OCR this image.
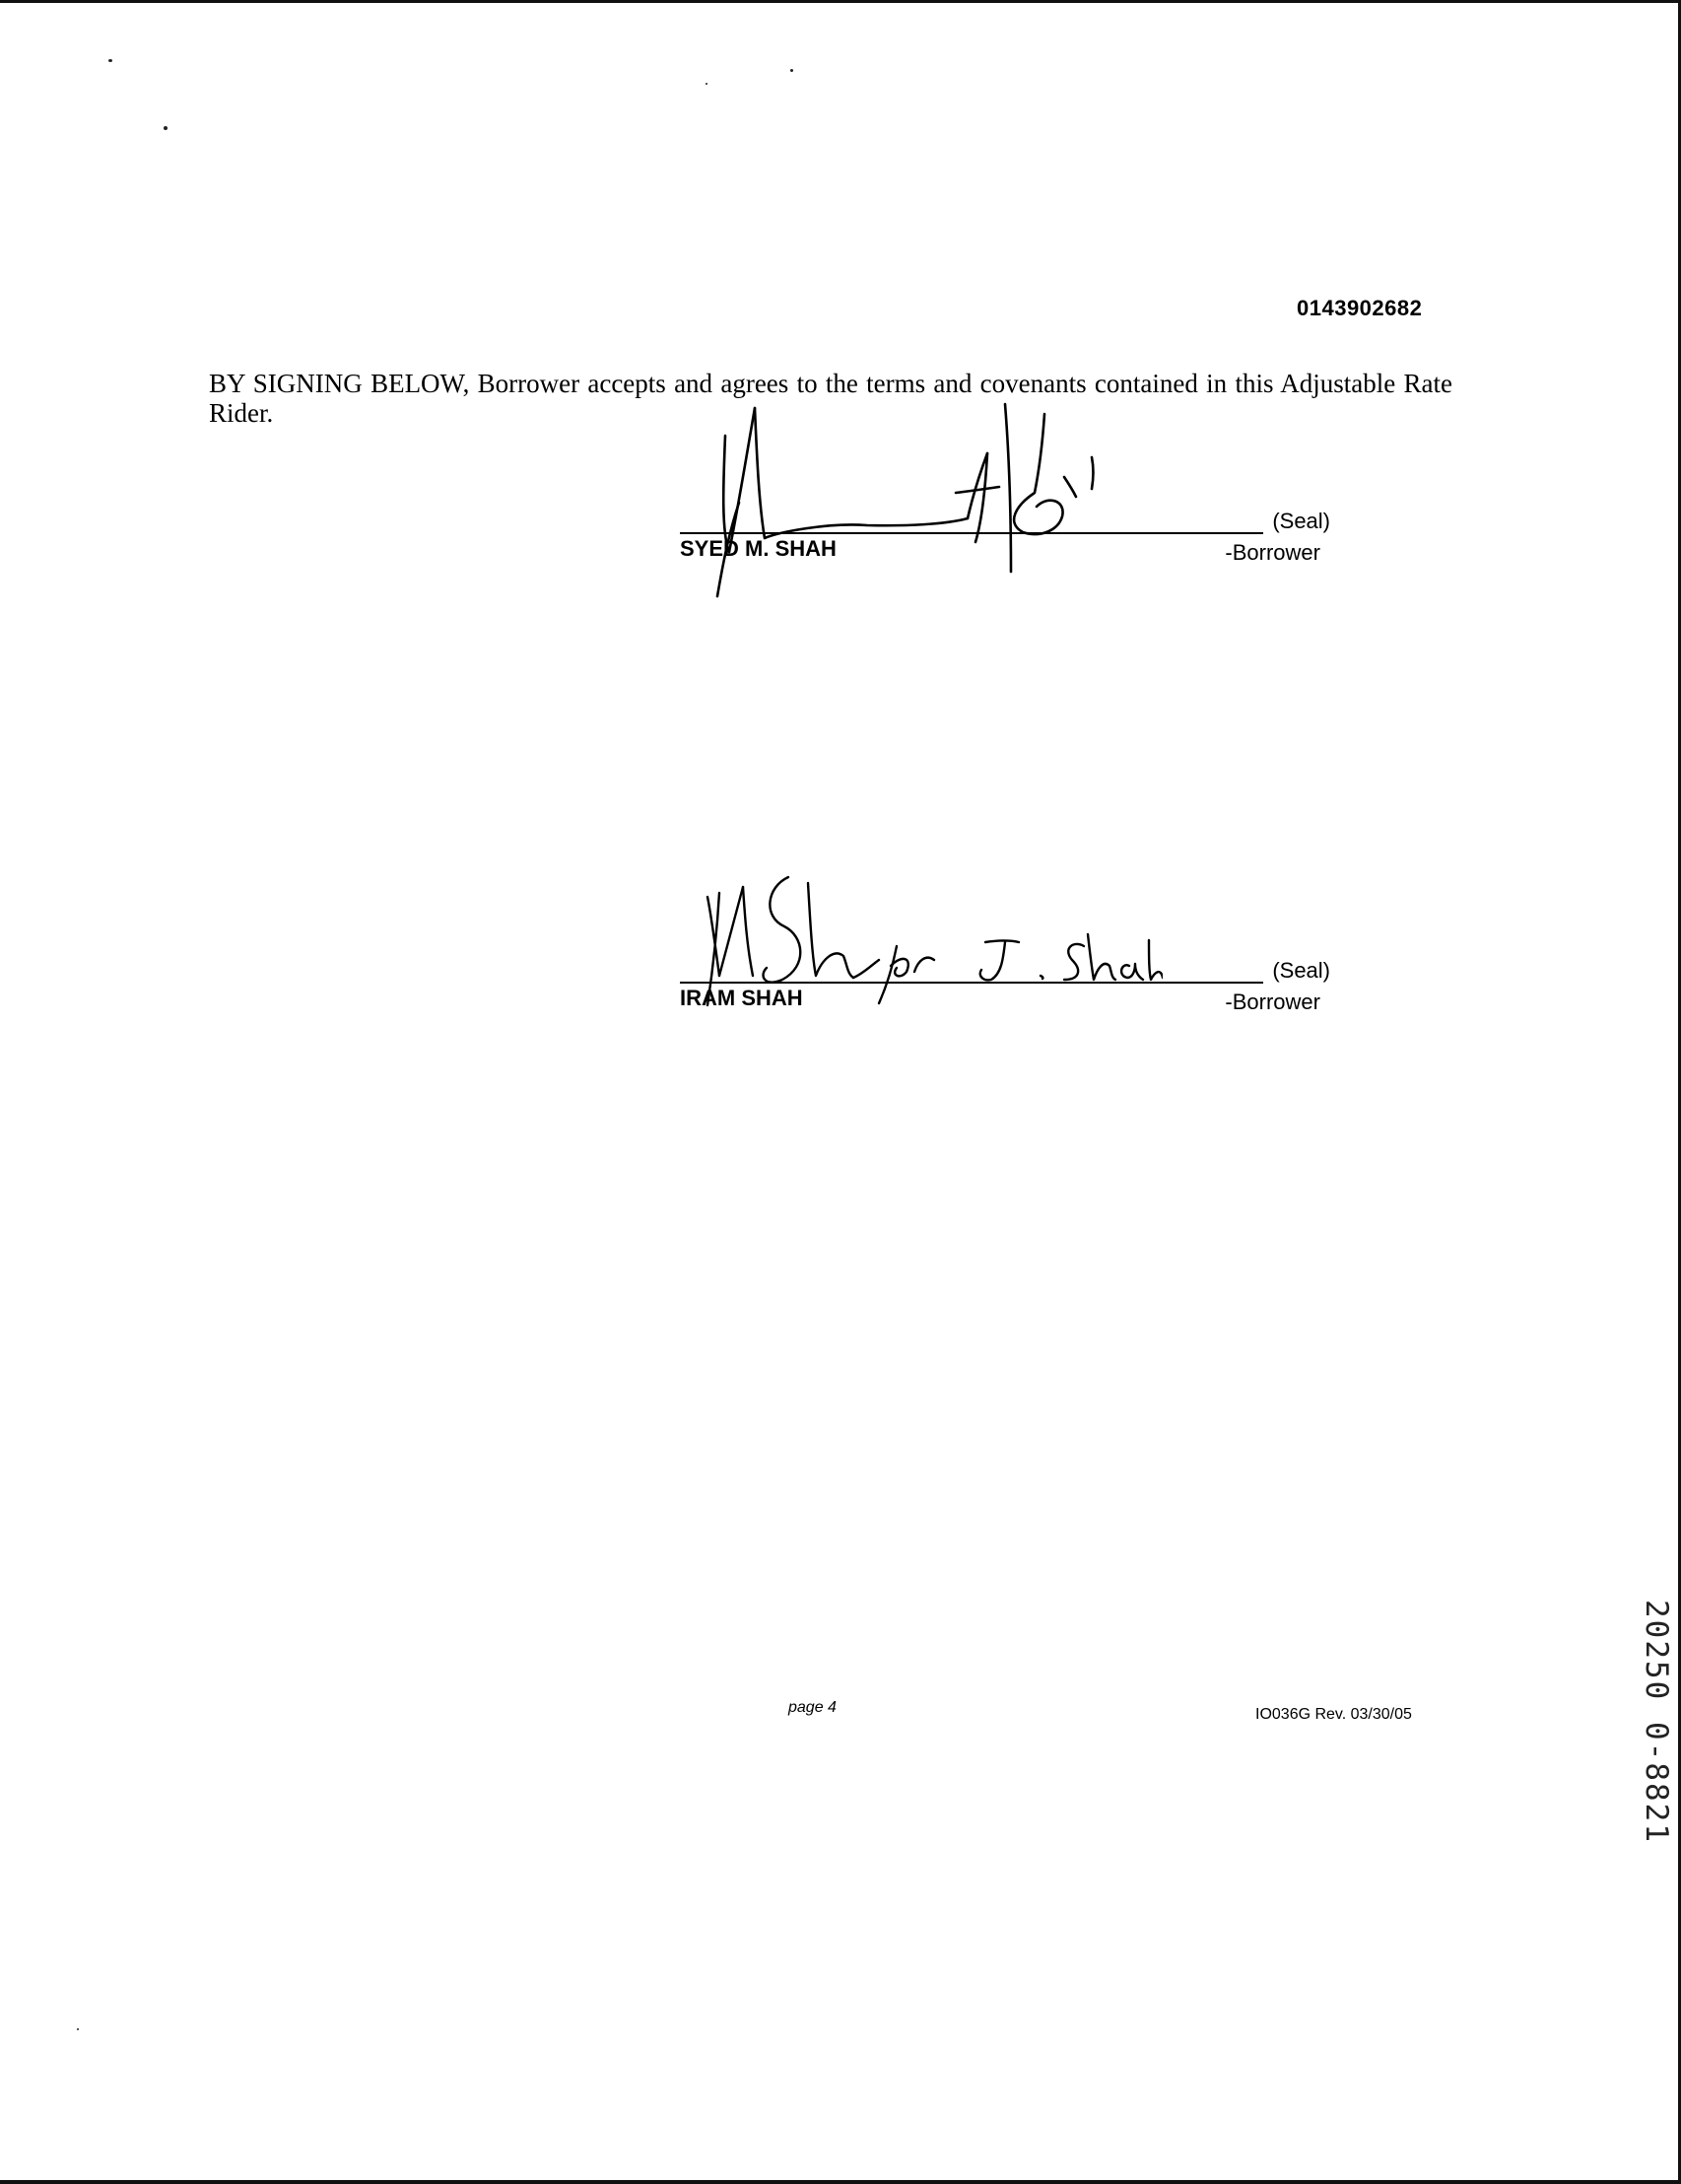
0143902682
BY SIGNING BELOW, Borrower accepts and agrees to the terms and covenants contained in this Adjustable Rate Rider.
(Seal)
SYED M. SHAH	-Borrower
(Seal)
IRAM SHAH	-Borrower
page 4	IO036G Rev. 03/30/05	20250 0-8821
